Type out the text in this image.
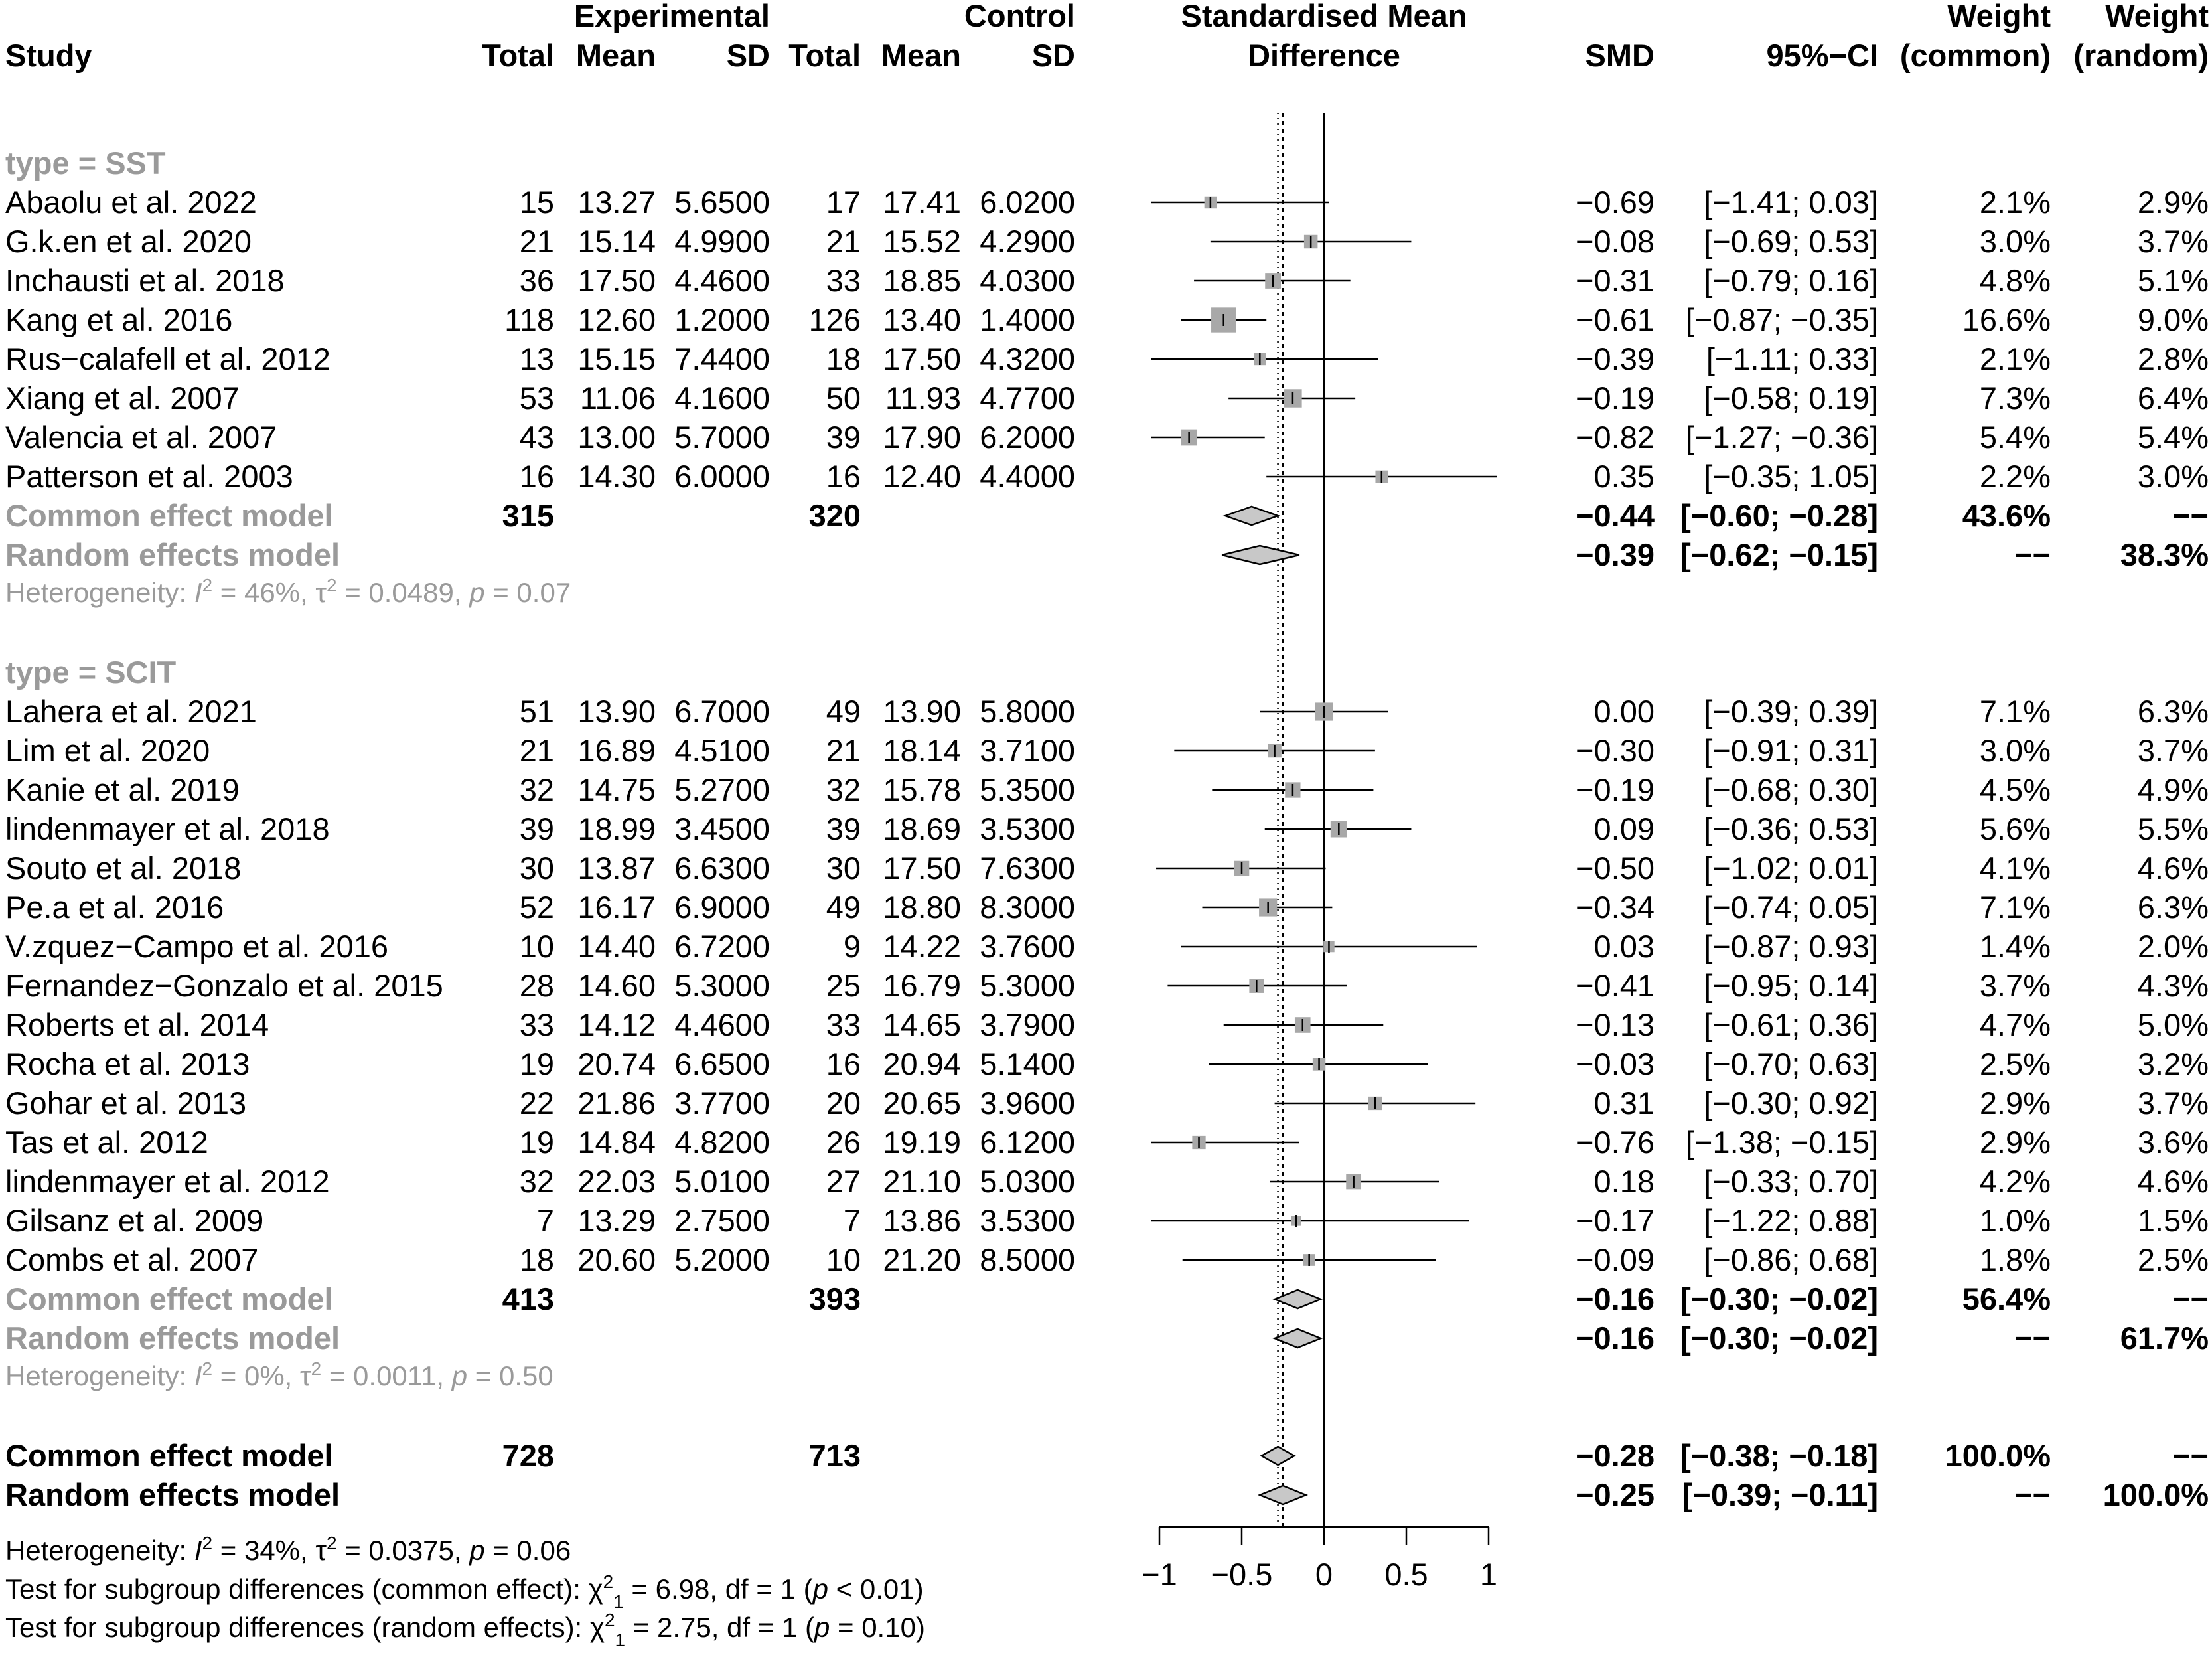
Experimental	Control	Standardised Mean	Weight Weight
Study	Total Mean SD Total Mean SD	Difference	SMD	95%−CI (common) (random)
type = SST
Abaolu et al. 2022	15 13.27 5.6500 17 17.41 6.0200	−0.69 [−1.41; 0.03]	2.1%	2.9%
G.k.en et al. 2020	21 15.14 4.9900 21 15.52 4.2900	−0.08 [−0.69; 0.53]	3.0%	3.7%
Inchausti et al. 2018	36 17.50 4.4600 33 18.85 4.0300	−0.31 [−0.79; 0.16]	4.8%	5.1%
Kang et al. 2016	118 12.60 1.2000 126 13.40 1.4000	−0.61 [−0.87; −0.35]	16.6%	9.0%
Rus−calafell et al. 2012	13 15.15 7.4400 18 17.50 4.3200	−0.39 [−1.11; 0.33]	2.1%	2.8%
Xiang et al. 2007	53 11.06 4.1600 50 11.93 4.7700	−0.19 [−0.58; 0.19]	7.3%	6.4%
Valencia et al. 2007	43 13.00 5.7000 39 17.90 6.2000	−0.82 [−1.27; −0.36]	5.4%	5.4%
Patterson et al. 2003	16 14.30 6.0000 16 12.40 4.4000	0.35 [−0.35; 1.05]	2.2%	3.0%
Common effect model	315	320	−0.44 [−0.60; −0.28]	43.6%	−−
Random effects model	−0.39 [−0.62; −0.15]	−− 38.3%
Heterogeneity: $I^2 = 46\%$, $\tau^2 = 0.0489$, p = 0.07
type = SCIT
Lahera et al. 2021	51 13.90 6.7000 49 13.90 5.8000	0.00 [−0.39; 0.39]	7.1%	6.3%
Lim et al. 2020	21 16.89 4.5100 21 18.14 3.7100	−0.30 [−0.91; 0.31]	3.0%	3.7%
Kanie et al. 2019	32 14.75 5.2700 32 15.78 5.3500	−0.19 [−0.68; 0.30]	4.5%	4.9%
lindenmayer et al. 2018	39 18.99 3.4500 39 18.69 3.5300	0.09 [−0.36; 0.53]	5.6%	5.5%
Souto et al. 2018	30 13.87 6.6300 30 17.50 7.6300	−0.50 [−1.02; 0.01]	4.1%	4.6%
Pe.a et al. 2016	52 16.17 6.9000 49 18.80 8.3000	−0.34 [−0.74; 0.05]	7.1%	6.3%
V.zquez−Campo et al. 2016	10 14.40 6.7200 9 14.22 3.7600	0.03 [−0.87; 0.93]	1.4%	2.0%
Fernandez−Gonzalo et al. 2015 28 14.60 5.3000 25 16.79 5.3000	−0.41 [−0.95; 0.14]	3.7%	4.3%
Roberts et al. 2014	33 14.12 4.4600 33 14.65 3.7900	−0.13 [−0.61; 0.36]	4.7%	5.0%
Rocha et al. 2013	19 20.74 6.6500 16 20.94 5.1400	−0.03 [−0.70; 0.63]	2.5%	3.2%
Gohar et al. 2013	22 21.86 3.7700 20 20.65 3.9600	0.31 [−0.30; 0.92]	2.9%	3.7%
Tas et al. 2012	19 14.84 4.8200 26 19.19 6.1200	−0.76 [−1.38; −0.15]	2.9%	3.6%
lindenmayer et al. 2012	32 22.03 5.0100 27 21.10 5.0300	0.18 [−0.33; 0.70]	4.2%	4.6%
Gilsanz et al. 2009	7 13.29 2.7500 7 13.86 3.5300	−0.17 [−1.22; 0.88]	1.0%	1.5%
Combs et al. 2007	18 20.60 5.2000 10 21.20 8.5000	−0.09 [−0.86; 0.68]	1.8%	2.5%
Common effect model	413	393	−0.16 [−0.30; −0.02]	56.4%	−−
Random effects model	−0.16 [−0.30; −0.02]	−− 61.7%
Heterogeneity: $I^2 = 0\%$, $\tau^2 = 0.0011$, p = 0.50
Common effect model	728	713	−0.28 [−0.38; −0.18] 100.0%	−−
Random effects model	−0.25 [−0.39; −0.11]	−− 100.0%
−1 −0.5 0 0.5 1
Heterogeneity: $I^2 = 34\%$, $\tau^2 = 0.0375$, p = 0.06
Test for subgroup differences (common effect): $\chi^2_1 = 6.98$, df = 1 (p < 0.01)
Test for subgroup differences (random effects): $\chi^2_1 = 2.75$, df = 1 (p = 0.10)
